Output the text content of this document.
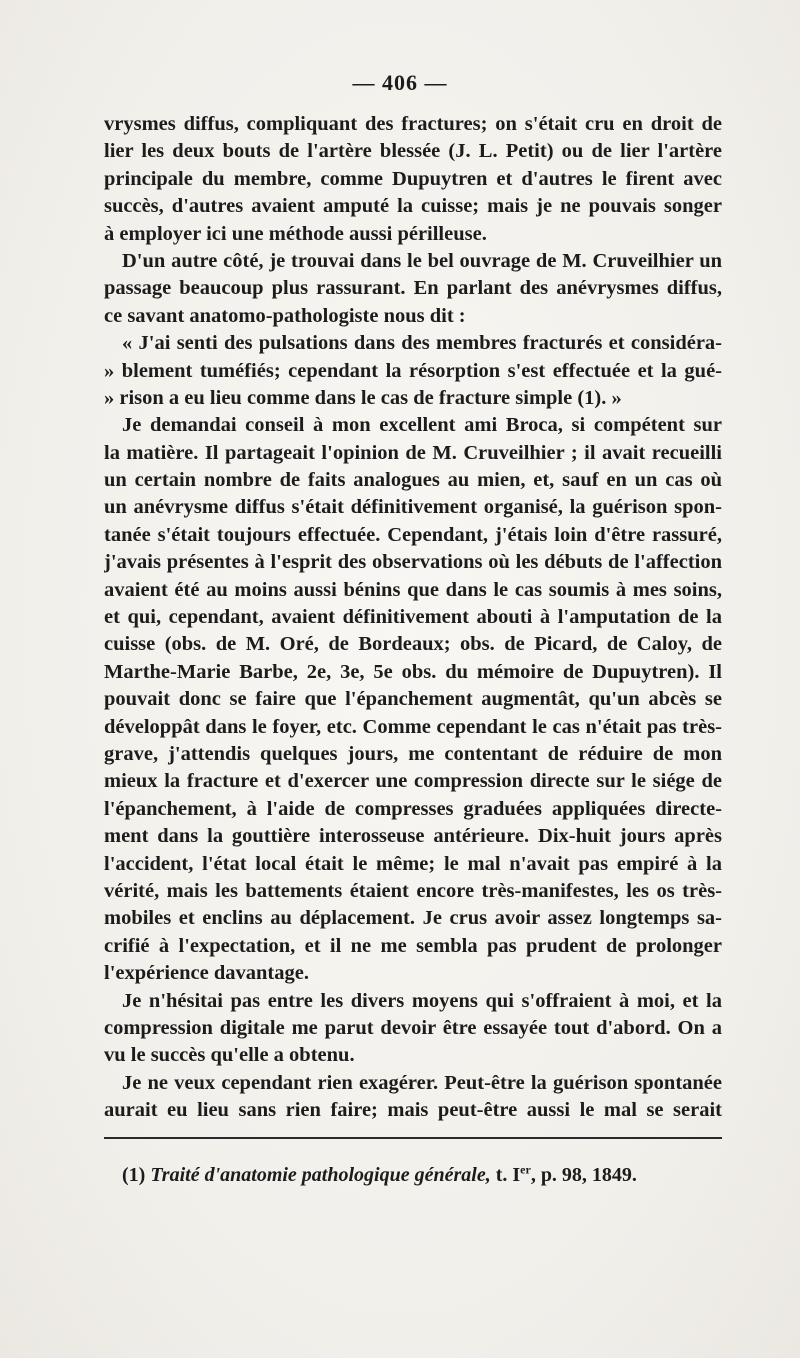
— 406 —
vrysmes diffus, compliquant des fractures; on s'était cru en droit de
lier les deux bouts de l'artère blessée (J. L. Petit) ou de lier l'artère
principale du membre, comme Dupuytren et d'autres le firent avec
succès, d'autres avaient amputé la cuisse; mais je ne pouvais songer
à employer ici une méthode aussi périlleuse.
D'un autre côté, je trouvai dans le bel ouvrage de M. Cruveilhier un
passage beaucoup plus rassurant. En parlant des anévrysmes diffus,
ce savant anatomo-pathologiste nous dit :
« J'ai senti des pulsations dans des membres fracturés et considéra-
» blement tuméfiés; cependant la résorption s'est effectuée et la gué-
» rison a eu lieu comme dans le cas de fracture simple (1). »
Je demandai conseil à mon excellent ami Broca, si compétent sur
la matière. Il partageait l'opinion de M. Cruveilhier ; il avait recueilli
un certain nombre de faits analogues au mien, et, sauf en un cas où
un anévrysme diffus s'était définitivement organisé, la guérison spon-
tanée s'était toujours effectuée. Cependant, j'étais loin d'être rassuré,
j'avais présentes à l'esprit des observations où les débuts de l'affection
avaient été au moins aussi bénins que dans le cas soumis à mes soins,
et qui, cependant, avaient définitivement abouti à l'amputation de la
cuisse (obs. de M. Oré, de Bordeaux; obs. de Picard, de Caloy, de
Marthe-Marie Barbe, 2e, 3e, 5e obs. du mémoire de Dupuytren). Il
pouvait donc se faire que l'épanchement augmentât, qu'un abcès se
développât dans le foyer, etc. Comme cependant le cas n'était pas très-
grave, j'attendis quelques jours, me contentant de réduire de mon
mieux la fracture et d'exercer une compression directe sur le siége de
l'épanchement, à l'aide de compresses graduées appliquées directe-
ment dans la gouttière interosseuse antérieure. Dix-huit jours après
l'accident, l'état local était le même; le mal n'avait pas empiré à la
vérité, mais les battements étaient encore très-manifestes, les os très-
mobiles et enclins au déplacement. Je crus avoir assez longtemps sa-
crifié à l'expectation, et il ne me sembla pas prudent de prolonger
l'expérience davantage.
Je n'hésitai pas entre les divers moyens qui s'offraient à moi, et la
compression digitale me parut devoir être essayée tout d'abord. On a
vu le succès qu'elle a obtenu.
Je ne veux cependant rien exagérer. Peut-être la guérison spontanée
aurait eu lieu sans rien faire; mais peut-être aussi le mal se serait
(1) Traité d'anatomie pathologique générale, t. Ier, p. 98, 1849.
